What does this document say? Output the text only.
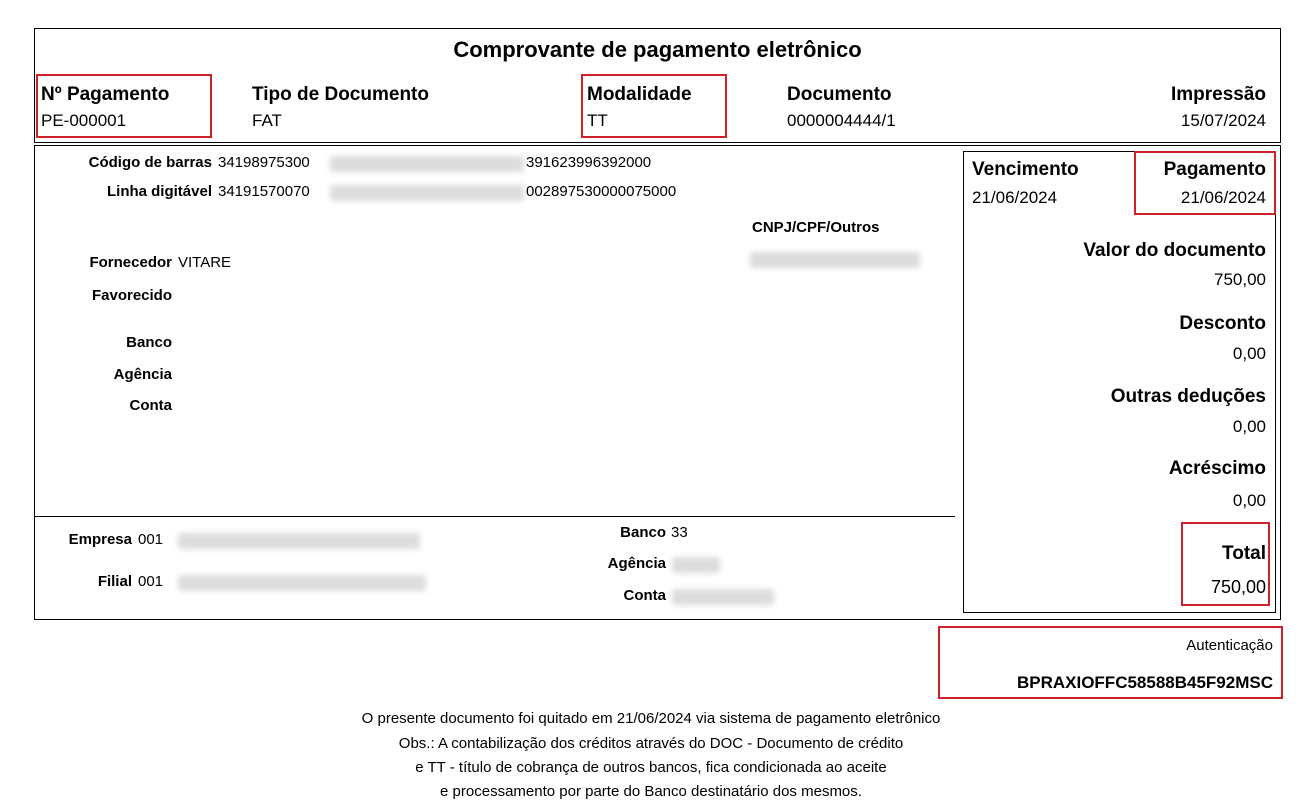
Comprovante de pagamento eletrônico
Nº Pagamento
PE-000001
Tipo de Documento
FAT
Modalidade
TT
Documento
0000004444/1
Impressão
15/07/2024
Código de barras 34198975300	391623996392000
Linha digitável 34191570070	002897530000075000
CNPJ/CPF/Outros
Fornecedor VITARE
Favorecido
Banco
Agência
Conta
Empresa 001
Filial 001
Banco 33
Agência
Conta
Vencimento
21/06/2024
Pagamento
21/06/2024
Valor do documento
750,00
Desconto
0,00
Outras deduções
0,00
Acréscimo
0,00
Total
750,00
Autenticação
BPRAXIOFFC58588B45F92MSC
O presente documento foi quitado em 21/06/2024 via sistema de pagamento eletrônico
Obs.: A contabilização dos créditos através do DOC - Documento de crédito
e TT - título de cobrança de outros bancos, fica condicionada ao aceite
e processamento por parte do Banco destinatário dos mesmos.
